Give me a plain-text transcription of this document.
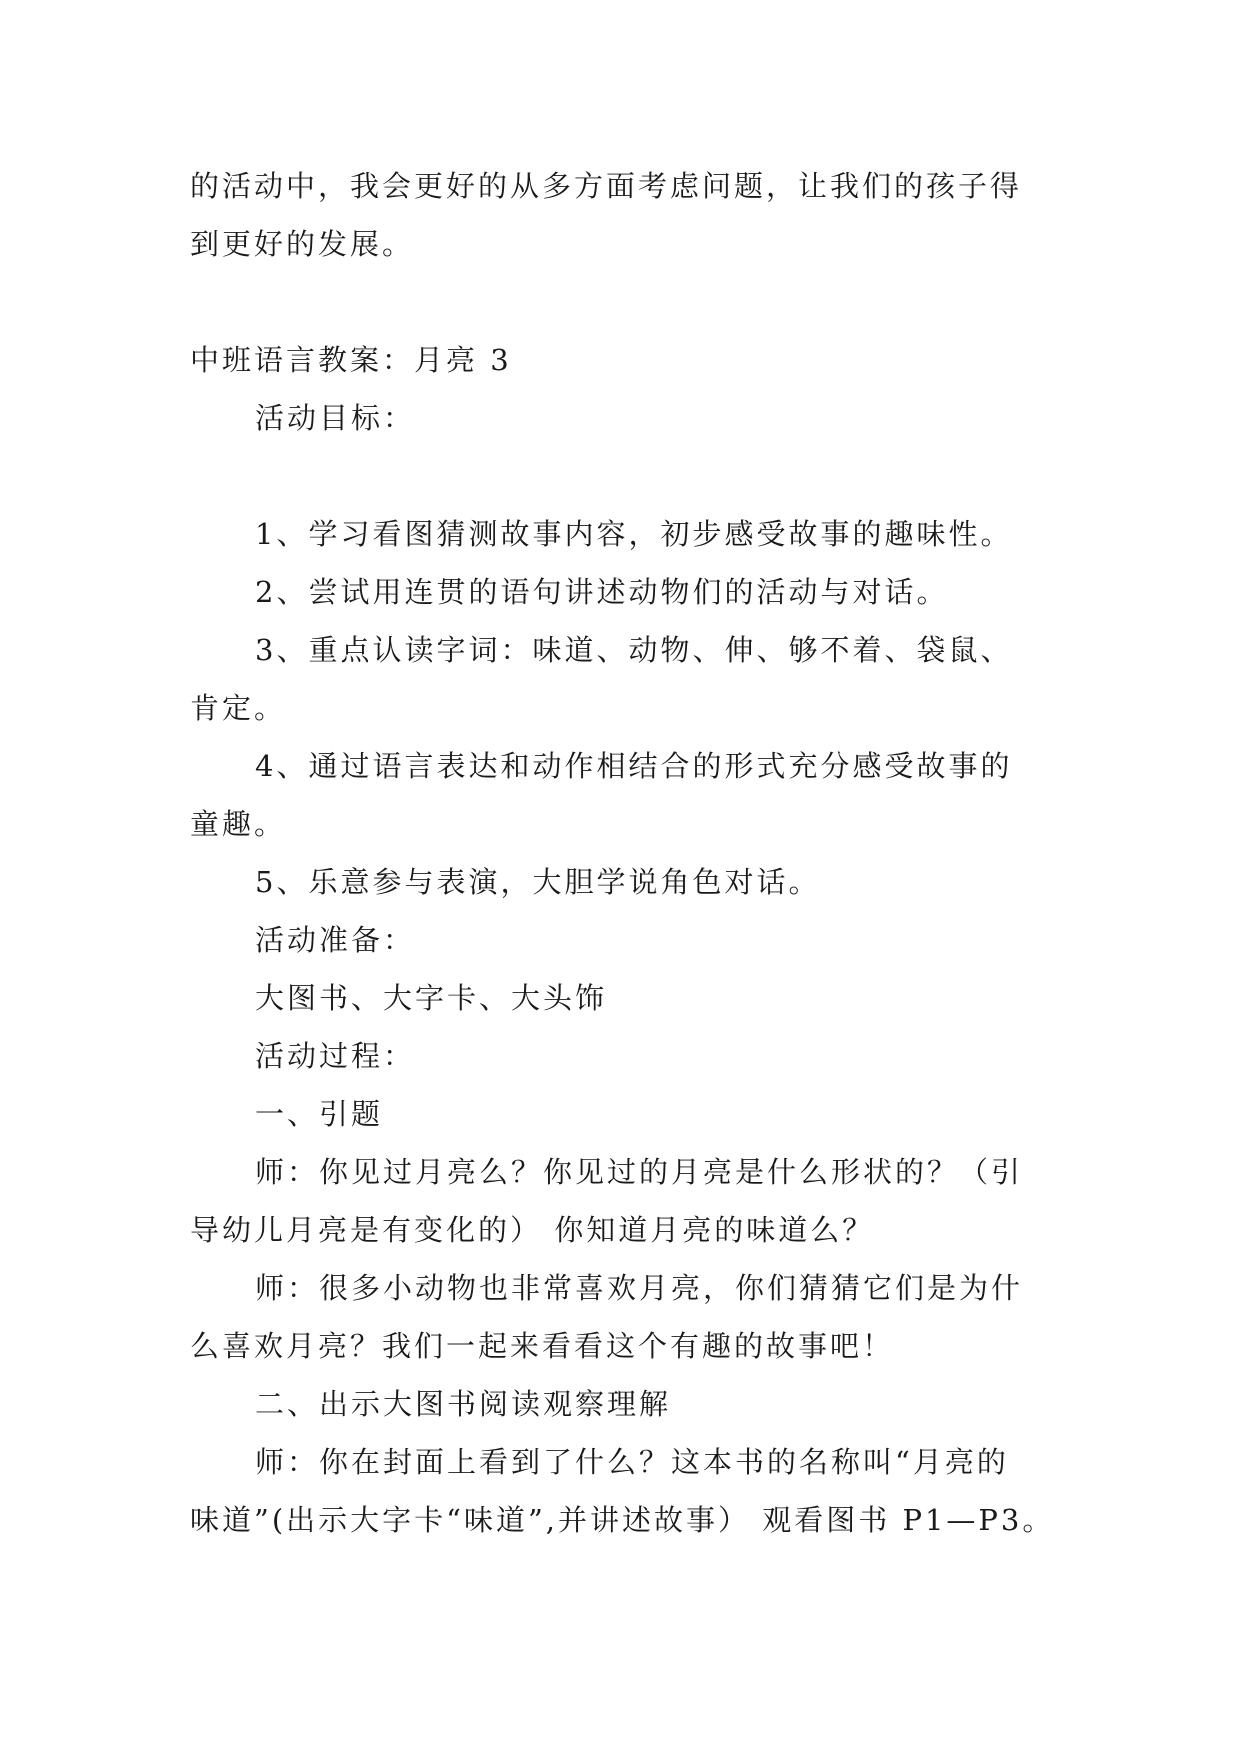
的活动中，我会更好的从多方面考虑问题，让我们的孩子得
到更好的发展。
中班语言教案：月亮 3
活动目标：
1、学习看图猜测故事内容，初步感受故事的趣味性。
2、尝试用连贯的语句讲述动物们的活动与对话。
3、重点认读字词：味道、动物、伸、够不着、袋鼠、
肯定。
4、通过语言表达和动作相结合的形式充分感受故事的
童趣。
5、乐意参与表演，大胆学说角色对话。
活动准备：
大图书、大字卡、大头饰
活动过程：
一、引题
师：你见过月亮么？你见过的月亮是什么形状的？（引
导幼儿月亮是有变化的） 你知道月亮的味道么？
师：很多小动物也非常喜欢月亮，你们猜猜它们是为什
么喜欢月亮？我们一起来看看这个有趣的故事吧！
二、出示大图书阅读观察理解
师：你在封面上看到了什么？这本书的名称叫“月亮的
味道”(出示大字卡“味道”,并讲述故事） 观看图书 P1—P3。
